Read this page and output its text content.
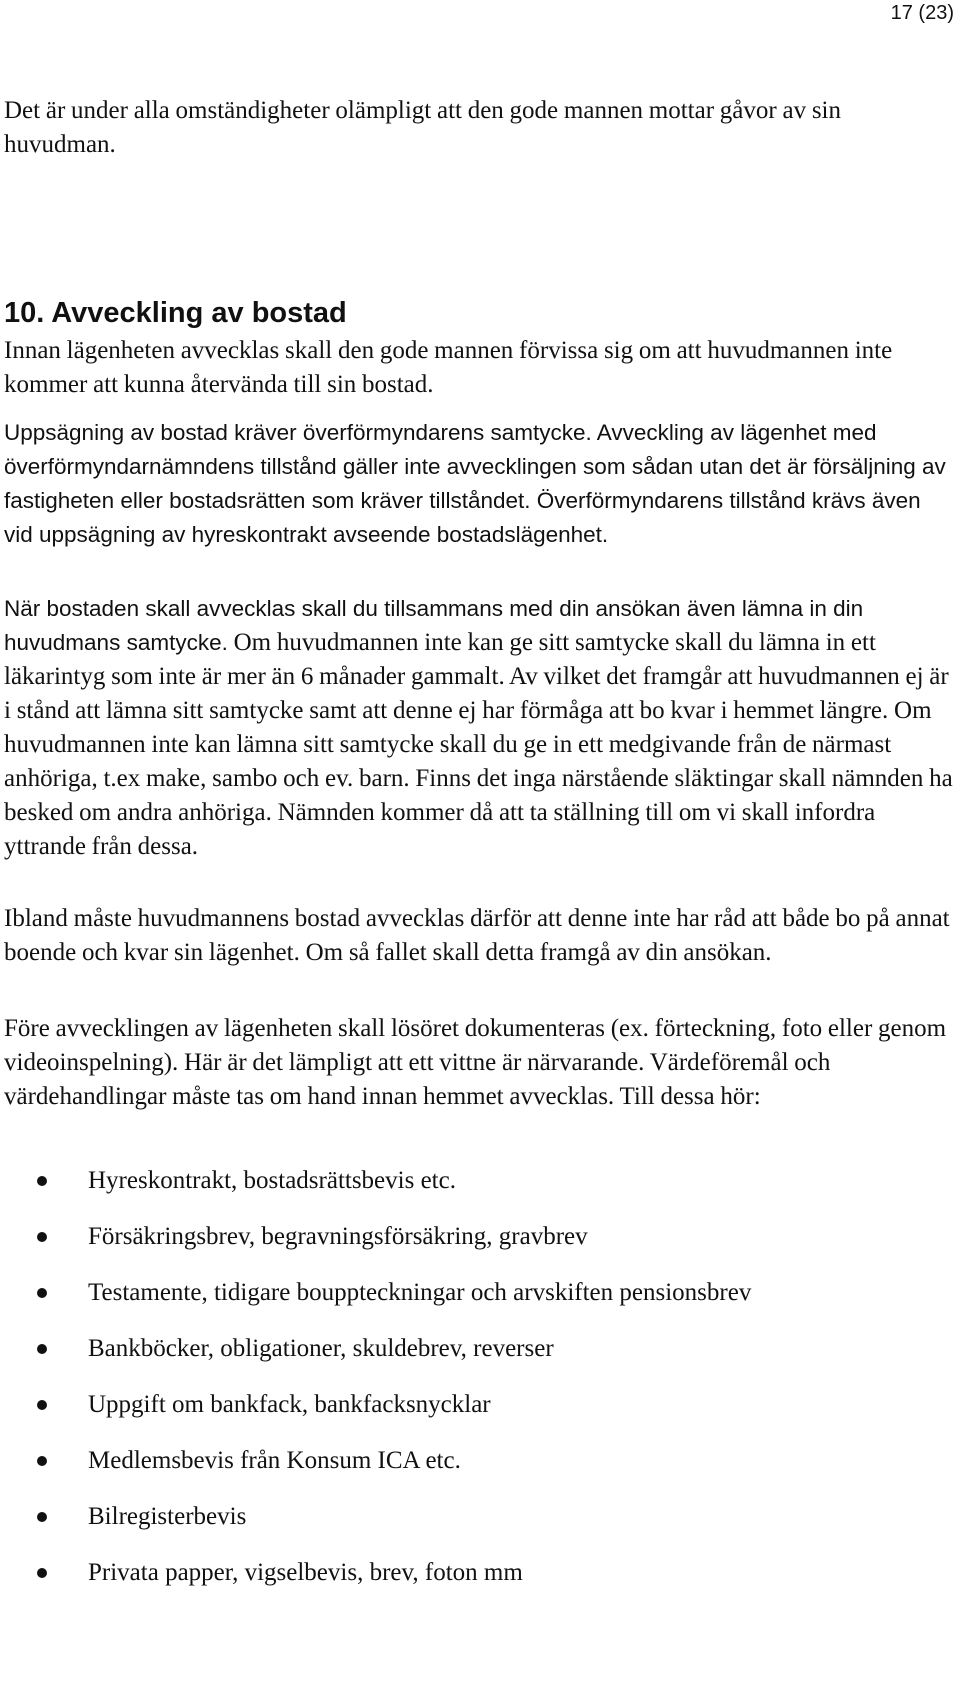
17 (23)

Det är under alla omständigheter olämpligt att den gode mannen mottar gåvor av sin huvudman.

10. Avveckling av bostad

Innan lägenheten avvecklas skall den gode mannen förvissa sig om att huvudmannen inte kommer att kunna återvända till sin bostad.

Uppsägning av bostad kräver överförmyndarens samtycke. Avveckling av lägenhet med överförmyndarnämndens tillstånd gäller inte avvecklingen som sådan utan det är försäljning av fastigheten eller bostadsrätten som kräver tillståndet. Överförmyndarens tillstånd krävs även vid uppsägning av hyreskontrakt avseende bostadslägenhet.

När bostaden skall avvecklas skall du tillsammans med din ansökan även lämna in din huvudmans samtycke. Om huvudmannen inte kan ge sitt samtycke skall du lämna in ett läkarintyg som inte är mer än 6 månader gammalt. Av vilket det framgår att huvudmannen ej är i stånd att lämna sitt samtycke samt att denne ej har förmåga att bo kvar i hemmet längre. Om huvudmannen inte kan lämna sitt samtycke skall du ge in ett medgivande från de närmast anhöriga, t.ex make, sambo och ev. barn. Finns det inga närstående släktingar skall nämnden ha besked om andra anhöriga. Nämnden kommer då att ta ställning till om vi skall infordra yttrande från dessa.

Ibland måste huvudmannens bostad avvecklas därför att denne inte har råd att både bo på annat boende och kvar sin lägenhet. Om så fallet skall detta framgå av din ansökan.

Före avvecklingen av lägenheten skall lösöret dokumenteras (ex. förteckning, foto eller genom videoinspelning). Här är det lämpligt att ett vittne är närvarande. Värdeföremål och värdehandlingar måste tas om hand innan hemmet avvecklas. Till dessa hör:

Hyreskontrakt, bostadsrättsbevis etc.
Försäkringsbrev, begravningsförsäkring, gravbrev
Testamente, tidigare bouppteckningar och arvskiften pensionsbrev
Bankböcker, obligationer, skuldebrev, reverser
Uppgift om bankfack, bankfacksnycklar
Medlemsbevis från Konsum ICA etc.
Bilregisterbevis
Privata papper, vigselbevis, brev, foton mm
